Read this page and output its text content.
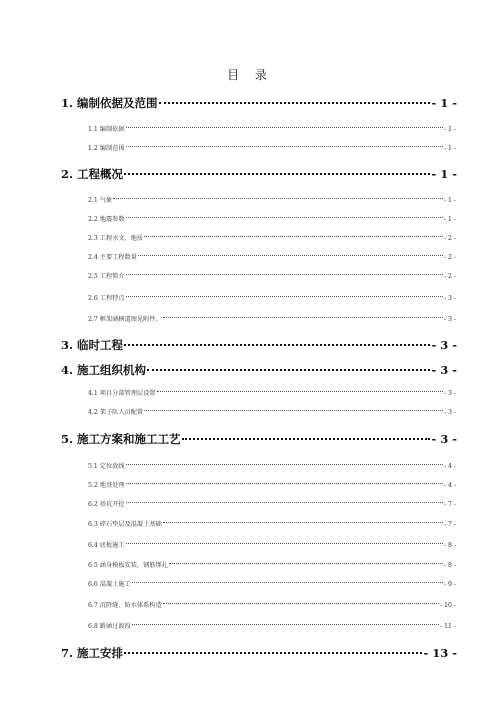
目 录
1. 编制依据及范围	- 1 -
1.1 编制依据	- 1 -
1.2 编制范围	- 1 -
2. 工程概况	- 1 -
2.1 气象	- 1 -
2.2 地震参数	- 1 -
2.3 工程水文、地质	- 2 -
2.4 主要工程数量	- 2 -
2.5 工程简介	- 2 -
2.6 工程特点	- 3 -
2.7 框架涵横道图见附件。	- 3 -
3. 临时工程	- 3 -
4. 施工组织机构	- 3 -
4.1 项目分部管理层设置	- 3 -
4.2 架子队人员配置	- 3 -
5. 施工方案和施工工艺	- 3 -
5.1 定位放线	- 4 -
5.2 地基处理	- 4 -
6.2 基坑开挖	- 7 -
6.3 碎石垫层及混凝土基础	- 7 -
6.4 底板施工	- 8 -
6.5 涵身模板安装、钢筋绑扎	- 8 -
6.6 混凝土施工	- 9 -
6.7 沉降缝、防水体系构造	- 10 -
6.8 路涵过渡段	- 11 -
7. 施工安排	- 13 -
